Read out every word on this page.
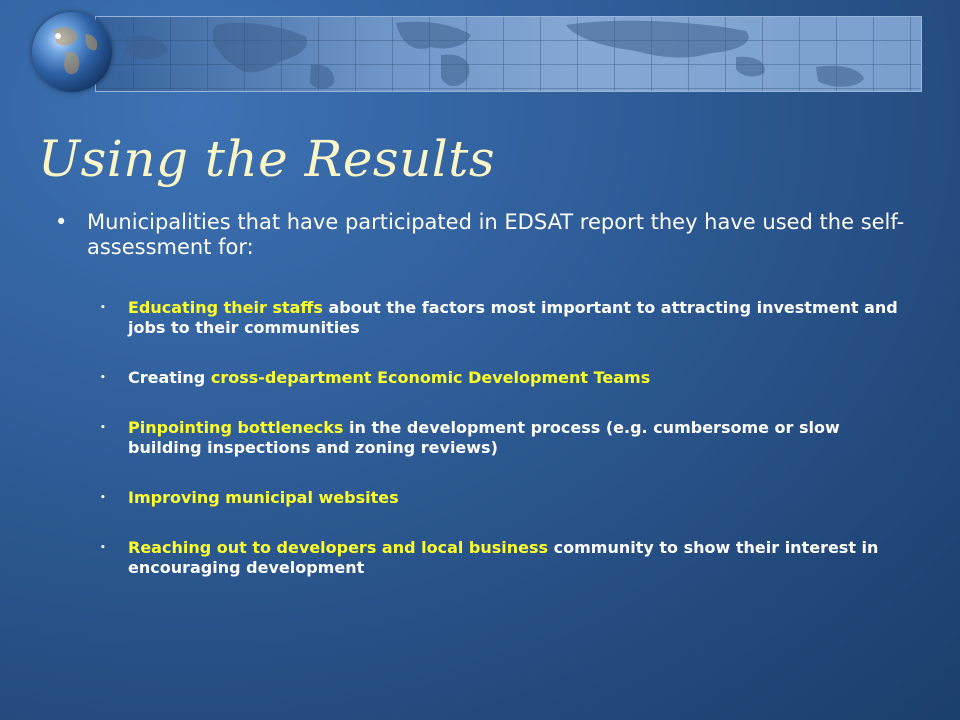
Using the Results
• Municipalities that have participated in EDSAT report they have used the self-assessment for:
•	Educating their staffs about the factors most important to attracting investment and jobs to their communities
•	Creating cross-department Economic Development Teams
•	Pinpointing bottlenecks in the development process (e.g. cumbersome or slow building inspections and zoning reviews)
•	Improving municipal websites
•	Reaching out to developers and local business community to show their interest in encouraging development
